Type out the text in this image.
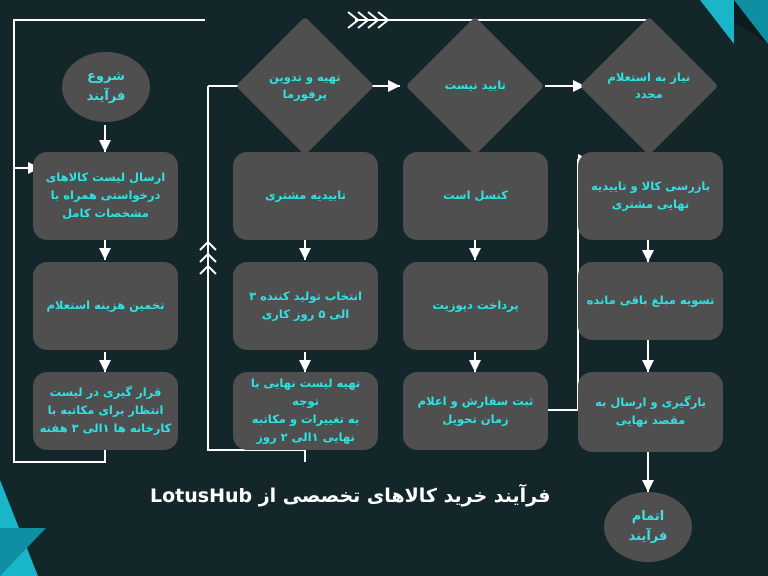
شروع
فرآیند
ارسال لیست کالاهای
درخواستی همراه با
مشخصات کامل
تخمین هزینه استعلام
قرار گیری در لیست
انتظار برای مکاتبه با
کارخانه ها ۱الی ۳ هفته
تهیه و تدوین
پرفورما
تاییدیه مشتری
انتخاب تولید کننده ۳
الی ۵ روز کاری
تهیه لیست نهایی با توجه
به تغییرات و مکاتبه
نهایی ۱الی ۲ روز
تایید نیست
کنسل است
پرداخت دپوزیت
ثبت سفارش و اعلام
زمان تحویل
نیاز به استعلام
مجدد
بازرسی کالا و تاییدیه
نهایی مشتری
تسویه مبلغ باقی مانده
بارگیری و ارسال به
مقصد نهایی
اتمام
فرآیند
فرآیند خرید کالاهای تخصصی از LotusHub
